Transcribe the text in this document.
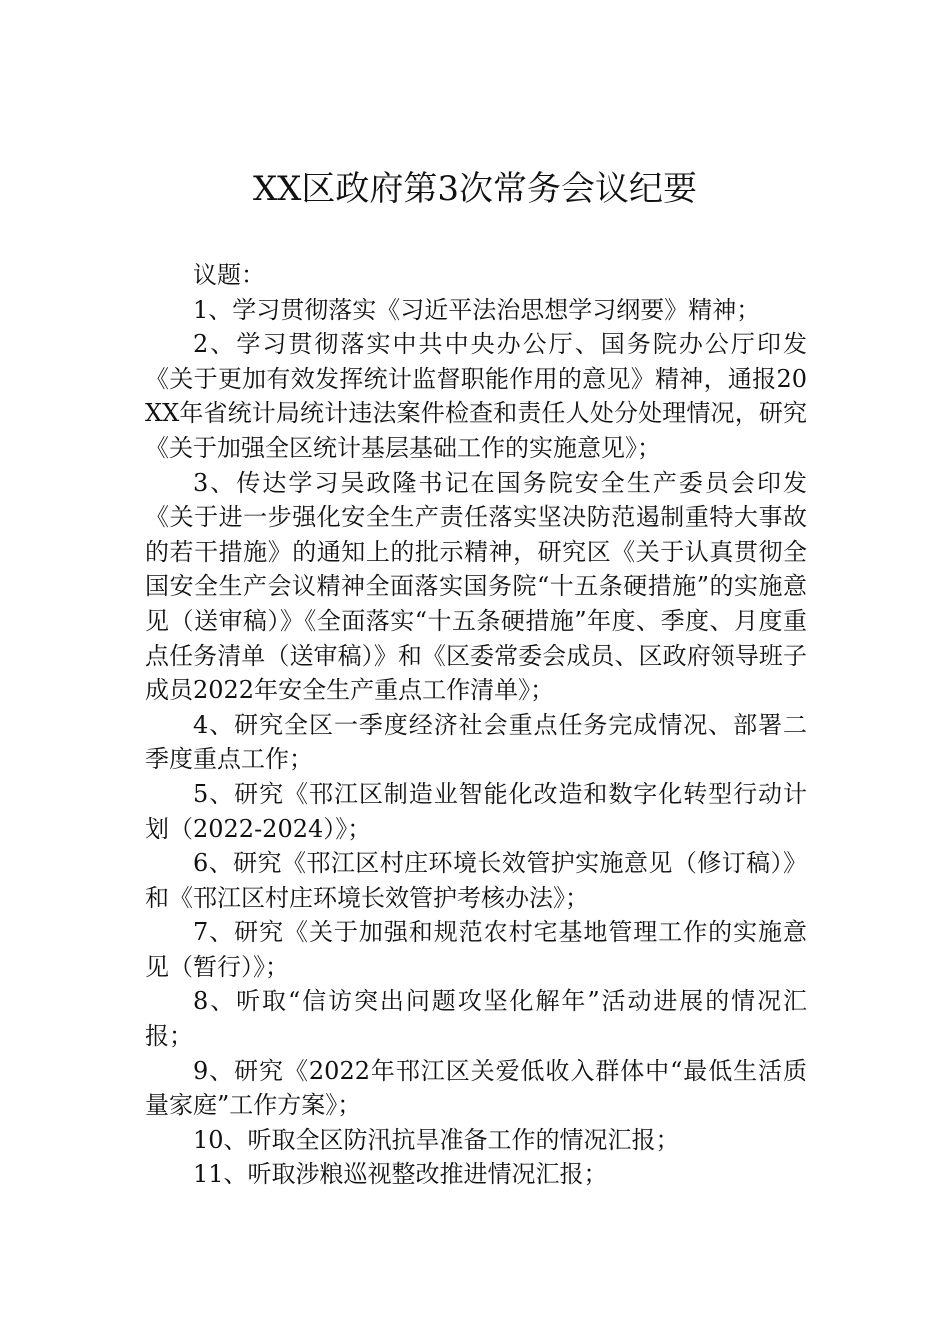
XX区政府第3次常务会议纪要

议题：

1、学习贯彻落实《习近平法治思想学习纲要》精神；

2、学习贯彻落实中共中央办公厅、国务院办公厅印发《关于更加有效发挥统计监督职能作用的意见》精神，通报20XX年省统计局统计违法案件检查和责任人处分处理情况，研究《关于加强全区统计基层基础工作的实施意见》；

3、传达学习吴政隆书记在国务院安全生产委员会印发《关于进一步强化安全生产责任落实坚决防范遏制重特大事故的若干措施》的通知上的批示精神，研究区《关于认真贯彻全国安全生产会议精神全面落实国务院“十五条硬措施”的实施意见（送审稿）》《全面落实“十五条硬措施”年度、季度、月度重点任务清单（送审稿）》和《区委常委会成员、区政府领导班子成员2022年安全生产重点工作清单》；

4、研究全区一季度经济社会重点任务完成情况、部署二季度重点工作；

5、研究《邗江区制造业智能化改造和数字化转型行动计划（2022-2024）》；

6、研究《邗江区村庄环境长效管护实施意见（修订稿）》和《邗江区村庄环境长效管护考核办法》；

7、研究《关于加强和规范农村宅基地管理工作的实施意见（暂行）》；

8、听取“信访突出问题攻坚化解年”活动进展的情况汇报；

9、研究《2022年邗江区关爱低收入群体中“最低生活质量家庭”工作方案》；

10、听取全区防汛抗旱准备工作的情况汇报；

11、听取涉粮巡视整改推进情况汇报；
